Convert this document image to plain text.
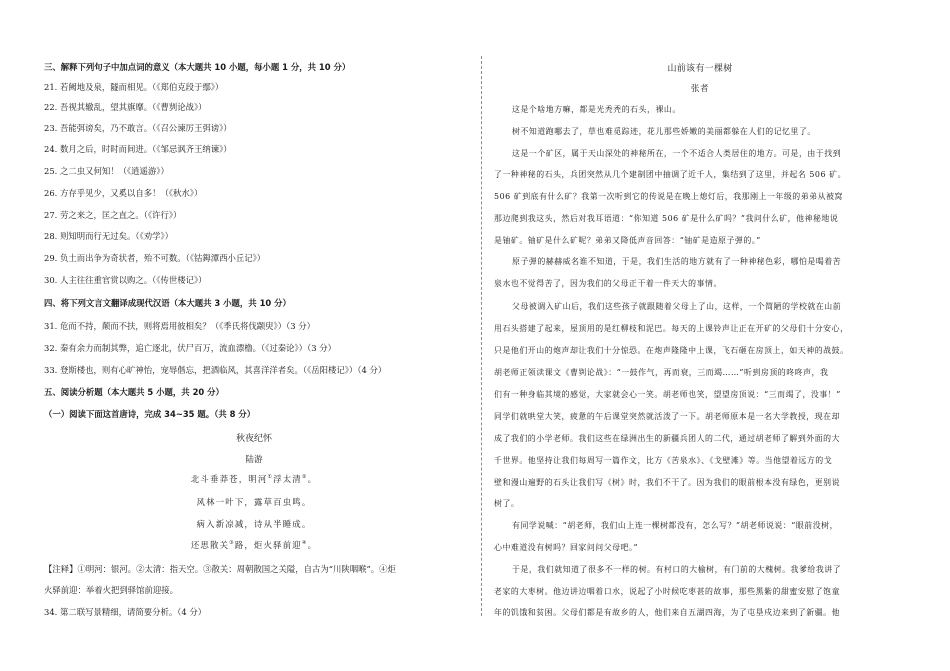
三、解释下列句子中加点词的意义（本大题共 10 小题，每小题 1 分，共 10 分）
21. 若阙地及泉，隧而相见。（《郑伯克段于鄢》）
22. 吾视其辙乱，望其旗靡。（《曹刿论战》）
23. 吾能弭谤矣，乃不敢言。（《召公谏厉王弭谤》）
24. 数月之后，时时而间进。（《邹忌讽齐王纳谏》）
25. 之二虫又何知！（《逍遥游》）
26. 方存乎见少，又奚以自多！（《秋水》）
27. 劳之来之，匡之直之。（《许行》）
28. 则知明而行无过矣。（《劝学》）
29. 负土而出争为奇状者，殆不可数。（《钴鉧潭西小丘记》）
30. 人主往往重官赏以购之。（《传世楼记》）
四、将下列文言文翻译成现代汉语（本大题共 3 小题，共 10 分）
31. 危而不持，颠而不扶，则将焉用彼相矣？（《季氏将伐颛臾》）（3 分）
32. 秦有余力而制其弊，追亡逐北，伏尸百万，流血漂橹。（《过秦论》）（3 分）
33. 登斯楼也，则有心旷神怡，宠辱偕忘，把酒临风，其喜洋洋者矣。（《岳阳楼记》）（4 分）
五、阅读分析题（本大题共 5 小题，共 20 分）
（一）阅读下面这首唐诗，完成 34~35 题。（共 8 分）
秋夜纪怀
陆游
北斗垂莽苍，明河①浮太清②。
风林一叶下，露草百虫鸣。
病入新凉减，诗从半睡成。
还思散关③路，炬火驿前迎④。
【注释】①明河：银河。②太清：指天空。③散关：周朝散国之关隘，自古为“川陕咽喉”。④炬
火驿前迎：举着火把到驿馆前迎接。
34. 第二联写景精细，请简要分析。（4 分）
山前该有一棵树
张者
这是个啥地方嘛，都是光秃秃的石头，裸山。
树不知道跑哪去了，草也难觅踪迹，花儿那些娇嫩的美丽都躲在人们的记忆里了。
这是一个矿区，属于天山深处的神秘所在，一个不适合人类居住的地方。可是，由于找到
了一种神秘的石头，兵团突然从几个建制团中抽调了近千人，集结到了这里，并起名 506 矿。
506 矿到底有什么矿？我第一次听到它的传说是在晚上熄灯后，我那刚上一年级的弟弟从被窝
那边爬到我这头，然后对我耳语道：“你知道 506 矿是什么矿吗？”我问什么矿，他神秘地说
是铀矿。铀矿是什么矿呢？弟弟又降低声音回答：“铀矿是造原子弹的。”
原子弹的赫赫威名谁不知道，于是，我们生活的地方就有了一种神秘色彩，哪怕是喝着苦
泉水也不觉得苦了，因为我们的父母正干着一件天大的事情。
父母被调入矿山后，我们这些孩子就跟随着父母上了山，这样，一个简陋的学校就在山前
用石头搭建了起来，屋顶用的是红柳枝和泥巴。每天的上课铃声让正在开矿的父母们十分安心，
只是他们开山的炮声却让我们十分惊恐。在炮声隆隆中上课，飞石砸在房顶上，如天神的战鼓。
胡老师正领读课文《曹刿论战》：“一鼓作气，再而衰，三而竭……”听到房顶的咚咚声，我
们有一种身临其境的感觉，大家就会心一笑。胡老师也笑，望望房顶说：“三而竭了，没事！”
同学们就哄堂大笑，疲惫的午后课堂突然就活泼了一下。胡老师原本是一名大学教授，现在却
成了我们的小学老师。我们这些在绿洲出生的新疆兵团人的二代，通过胡老师了解到外面的大
千世界。他坚持让我们每周写一篇作文，比方《苦泉水》、《戈壁滩》等。当他望着远方的戈
壁和漫山遍野的石头让我们写《树》时，我们不干了。因为我们的眼前根本没有绿色，更别说
树了。
有同学说喊：“胡老师，我们山上连一棵树都没有，怎么写？”胡老师说说：“眼前没树，
心中难道没有树吗？回家问问父母吧。”
于是，我们就知道了很多不一样的树。有村口的大榆树，有门前的大槐树。我爹给我讲了
老家的大枣树。他边讲边咽着口水，说起了小时候吃枣甚的故事，那些黑紫的甜蜜安慰了饱童
年的饥饿和贫困。父母们都是有故乡的人，他们来自五湖四海，为了屯垦戍边来到了新疆。他
